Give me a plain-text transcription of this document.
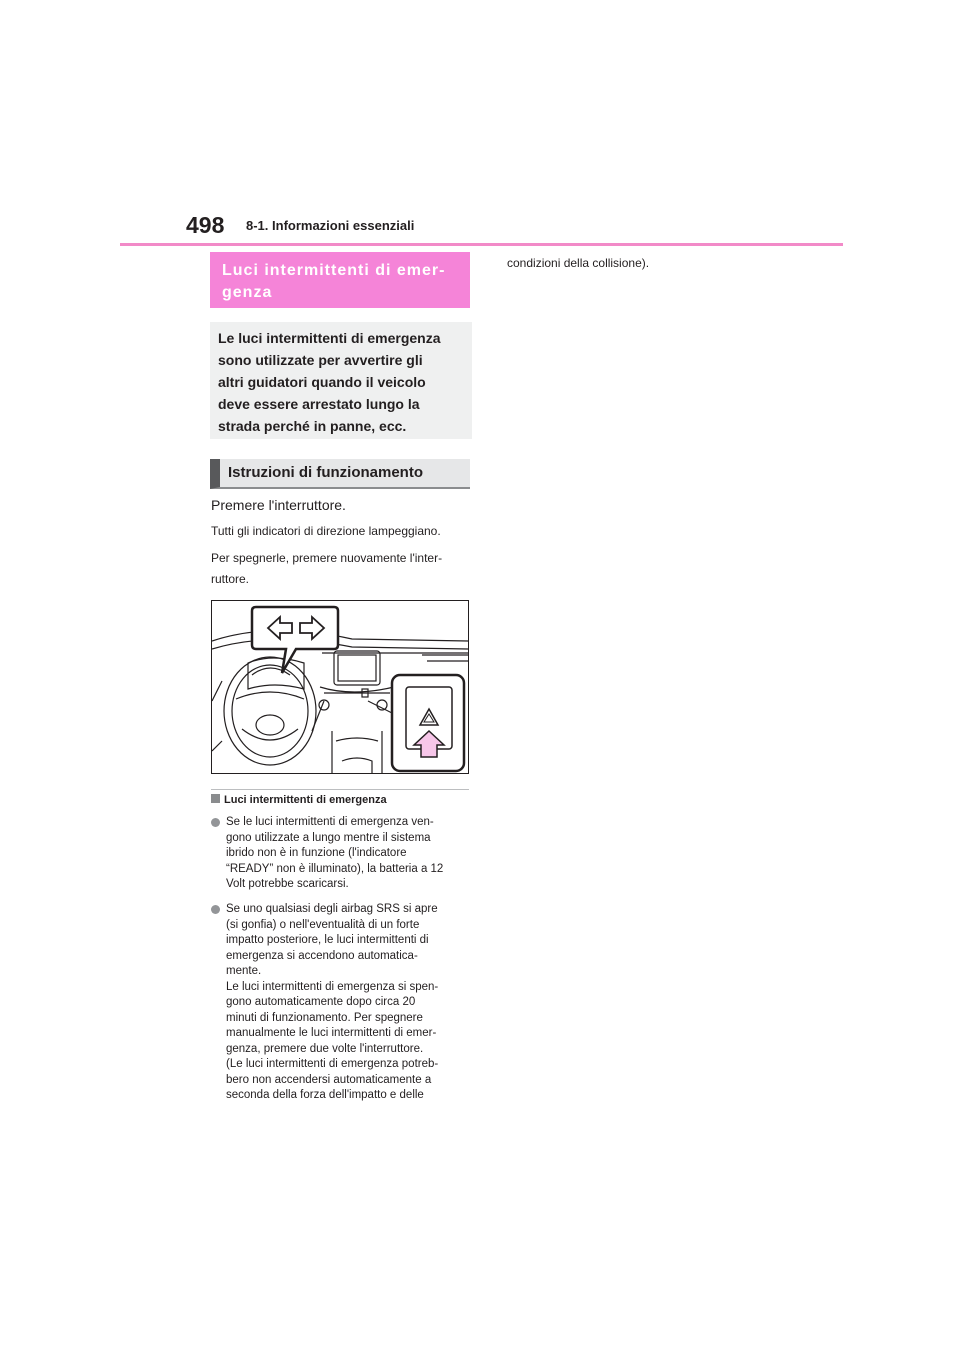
498 8-1. Informazioni essenziali
Luci intermittenti di emer-
genza
Le luci intermittenti di emergenza
sono utilizzate per avvertire gli
altri guidatori quando il veicolo
deve essere arrestato lungo la
strada perché in panne, ecc.
Istruzioni di funzionamento
Premere l'interruttore.
Tutti gli indicatori di direzione lampeggiano.
Per spegnerle, premere nuovamente l'inter-
ruttore.
Luci intermittenti di emergenza
Se le luci intermittenti di emergenza ven-
gono utilizzate a lungo mentre il sistema
ibrido non è in funzione (l'indicatore
“READY” non è illuminato), la batteria a 12
Volt potrebbe scaricarsi.
Se uno qualsiasi degli airbag SRS si apre
(si gonfia) o nell'eventualità di un forte
impatto posteriore, le luci intermittenti di
emergenza si accendono automatica-
mente.
Le luci intermittenti di emergenza si spen-
gono automaticamente dopo circa 20
minuti di funzionamento. Per spegnere
manualmente le luci intermittenti di emer-
genza, premere due volte l'interruttore.
(Le luci intermittenti di emergenza potreb-
bero non accendersi automaticamente a
seconda della forza dell'impatto e delle
condizioni della collisione).
